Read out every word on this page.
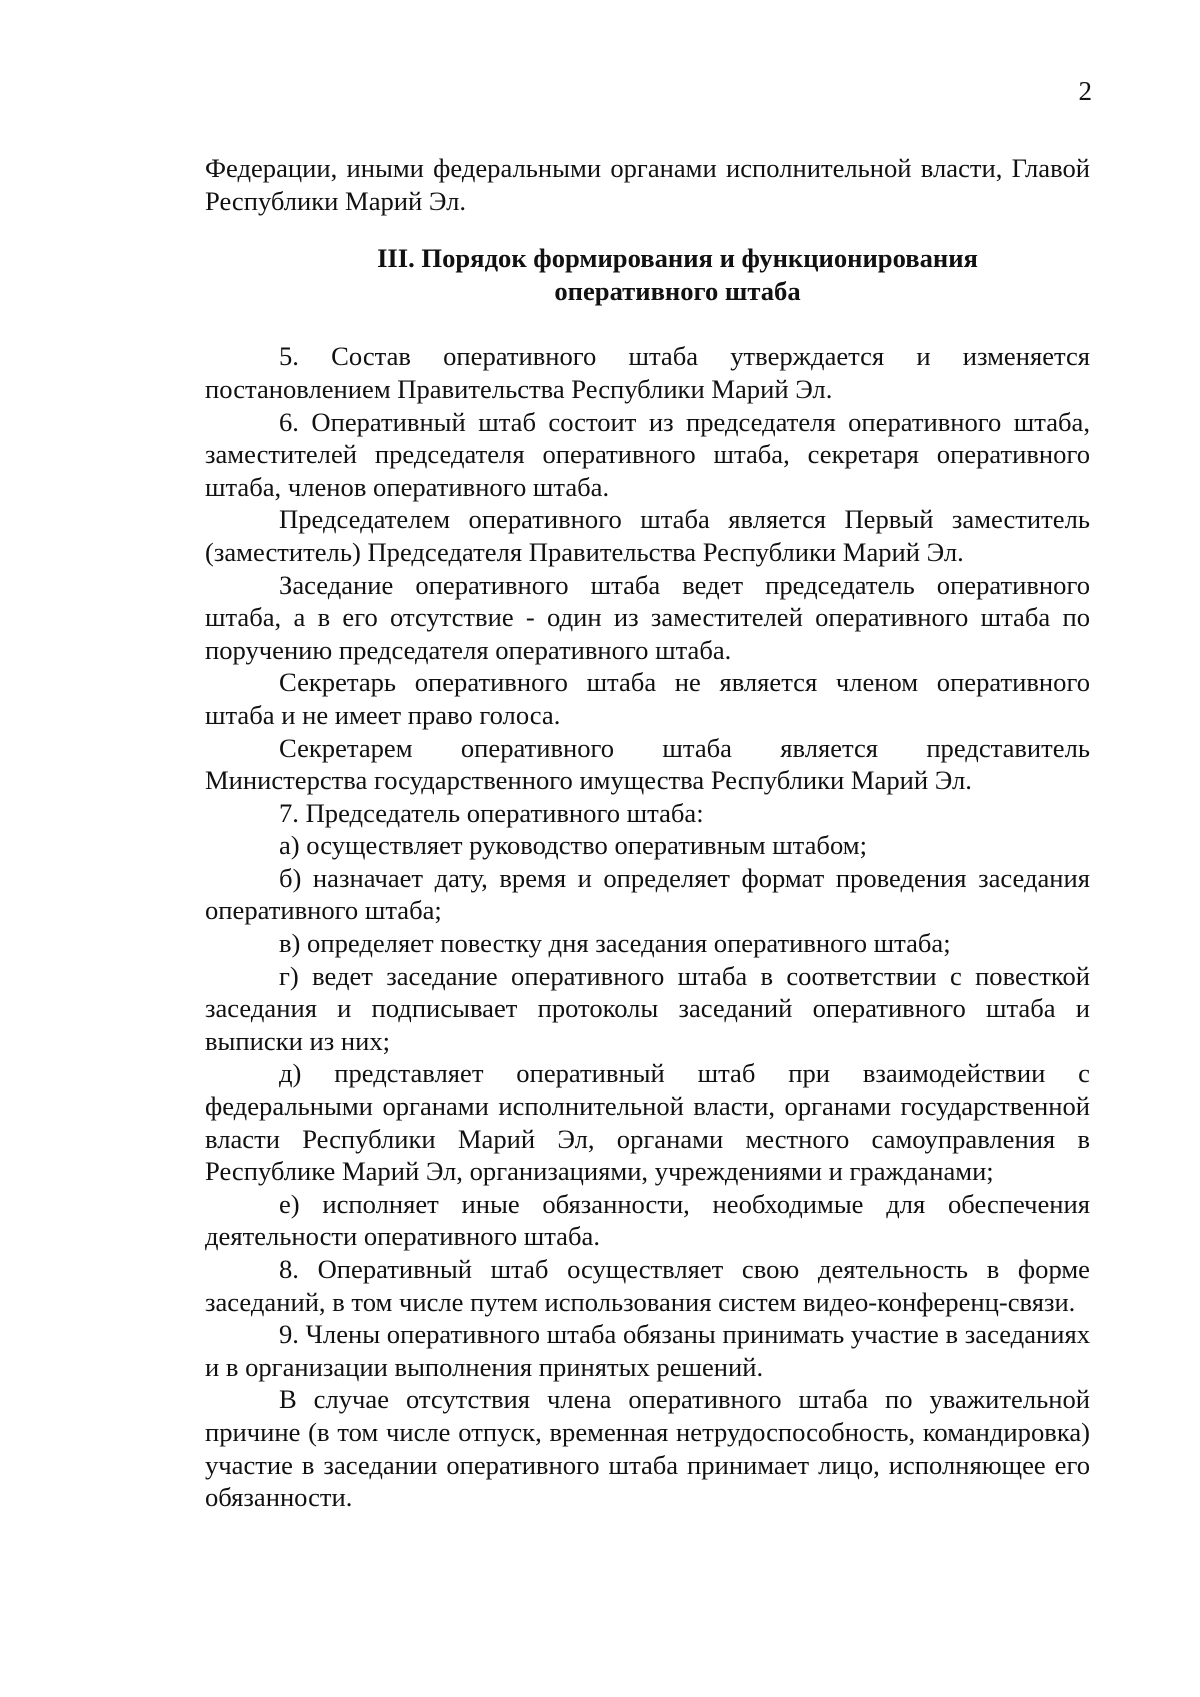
2

Федерации, иными федеральными органами исполнительной власти, Главой Республики Марий Эл.

III. Порядок формирования и функционирования
оперативного штаба

5. Состав оперативного штаба утверждается и изменяется постановлением Правительства Республики Марий Эл.

6. Оперативный штаб состоит из председателя оперативного штаба, заместителей председателя оперативного штаба, секретаря оперативного штаба, членов оперативного штаба.

Председателем оперативного штаба является Первый заместитель (заместитель) Председателя Правительства Республики Марий Эл.

Заседание оперативного штаба ведет председатель оперативного штаба, а в его отсутствие - один из заместителей оперативного штаба по поручению председателя оперативного штаба.

Секретарь оперативного штаба не является членом оперативного штаба и не имеет право голоса.

Секретарем оперативного штаба является представитель Министерства государственного имущества Республики Марий Эл.

7. Председатель оперативного штаба:

а) осуществляет руководство оперативным штабом;

б) назначает дату, время и определяет формат проведения заседания оперативного штаба;

в) определяет повестку дня заседания оперативного штаба;

г) ведет заседание оперативного штаба в соответствии с повесткой заседания и подписывает протоколы заседаний оперативного штаба и выписки из них;

д) представляет оперативный штаб при взаимодействии с федеральными органами исполнительной власти, органами государственной власти Республики Марий Эл, органами местного самоуправления в Республике Марий Эл, организациями, учреждениями и гражданами;

е) исполняет иные обязанности, необходимые для обеспечения деятельности оперативного штаба.

8. Оперативный штаб осуществляет свою деятельность в форме заседаний, в том числе путем использования систем видео-конференц-связи.

9. Члены оперативного штаба обязаны принимать участие в заседаниях и в организации выполнения принятых решений.

В случае отсутствия члена оперативного штаба по уважительной причине (в том числе отпуск, временная нетрудоспособность, командировка) участие в заседании оперативного штаба принимает лицо, исполняющее его обязанности.
